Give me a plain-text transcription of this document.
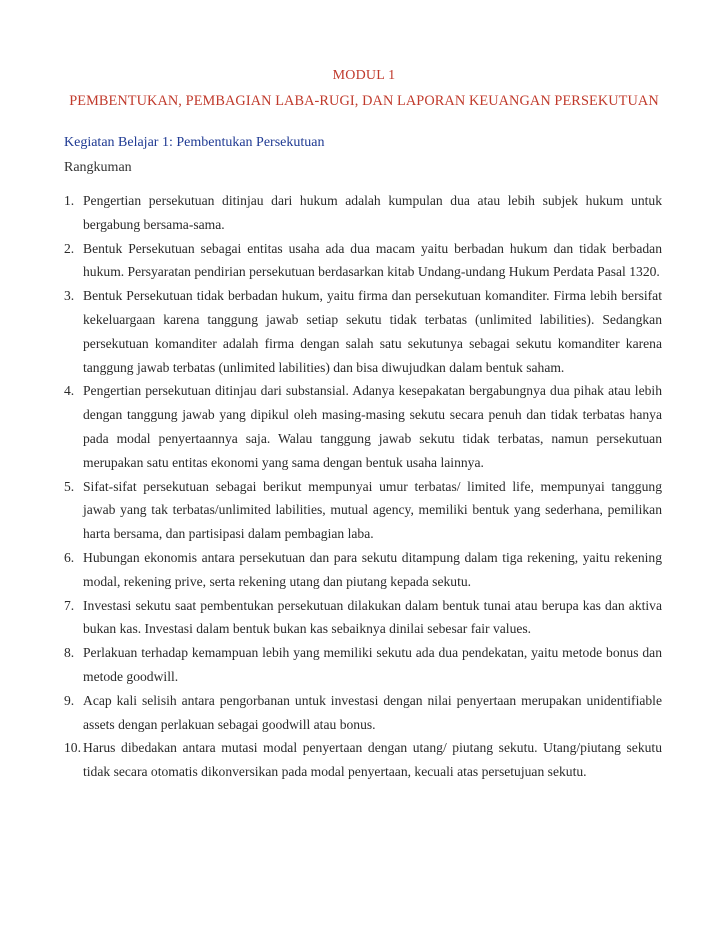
MODUL 1
PEMBENTUKAN, PEMBAGIAN LABA-RUGI, DAN LAPORAN KEUANGAN PERSEKUTUAN
Kegiatan Belajar 1: Pembentukan Persekutuan
Rangkuman
1. Pengertian persekutuan ditinjau dari hukum adalah kumpulan dua atau lebih subjek hukum untuk bergabung bersama-sama.
2. Bentuk Persekutuan sebagai entitas usaha ada dua macam yaitu berbadan hukum dan tidak berbadan hukum. Persyaratan pendirian persekutuan berdasarkan kitab Undang-undang Hukum Perdata Pasal 1320.
3. Bentuk Persekutuan tidak berbadan hukum, yaitu firma dan persekutuan komanditer. Firma lebih bersifat kekeluargaan karena tanggung jawab setiap sekutu tidak terbatas (unlimited labilities). Sedangkan persekutuan komanditer adalah firma dengan salah satu sekutunya sebagai sekutu komanditer karena tanggung jawab terbatas (unlimited labilities) dan bisa diwujudkan dalam bentuk saham.
4. Pengertian persekutuan ditinjau dari substansial. Adanya kesepakatan bergabungnya dua pihak atau lebih dengan tanggung jawab yang dipikul oleh masing-masing sekutu secara penuh dan tidak terbatas hanya pada modal penyertaannya saja. Walau tanggung jawab sekutu tidak terbatas, namun persekutuan merupakan satu entitas ekonomi yang sama dengan bentuk usaha lainnya.
5. Sifat-sifat persekutuan sebagai berikut mempunyai umur terbatas/ limited life, mempunyai tanggung jawab yang tak terbatas/unlimited labilities, mutual agency, memiliki bentuk yang sederhana, pemilikan harta bersama, dan partisipasi dalam pembagian laba.
6. Hubungan ekonomis antara persekutuan dan para sekutu ditampung dalam tiga rekening, yaitu rekening modal, rekening prive, serta rekening utang dan piutang kepada sekutu.
7. Investasi sekutu saat pembentukan persekutuan dilakukan dalam bentuk tunai atau berupa kas dan aktiva bukan kas. Investasi dalam bentuk bukan kas sebaiknya dinilai sebesar fair values.
8. Perlakuan terhadap kemampuan lebih yang memiliki sekutu ada dua pendekatan, yaitu metode bonus dan metode goodwill.
9. Acap kali selisih antara pengorbanan untuk investasi dengan nilai penyertaan merupakan unidentifiable assets dengan perlakuan sebagai goodwill atau bonus.
10. Harus dibedakan antara mutasi modal penyertaan dengan utang/ piutang sekutu. Utang/piutang sekutu tidak secara otomatis dikonversikan pada modal penyertaan, kecuali atas persetujuan sekutu.
